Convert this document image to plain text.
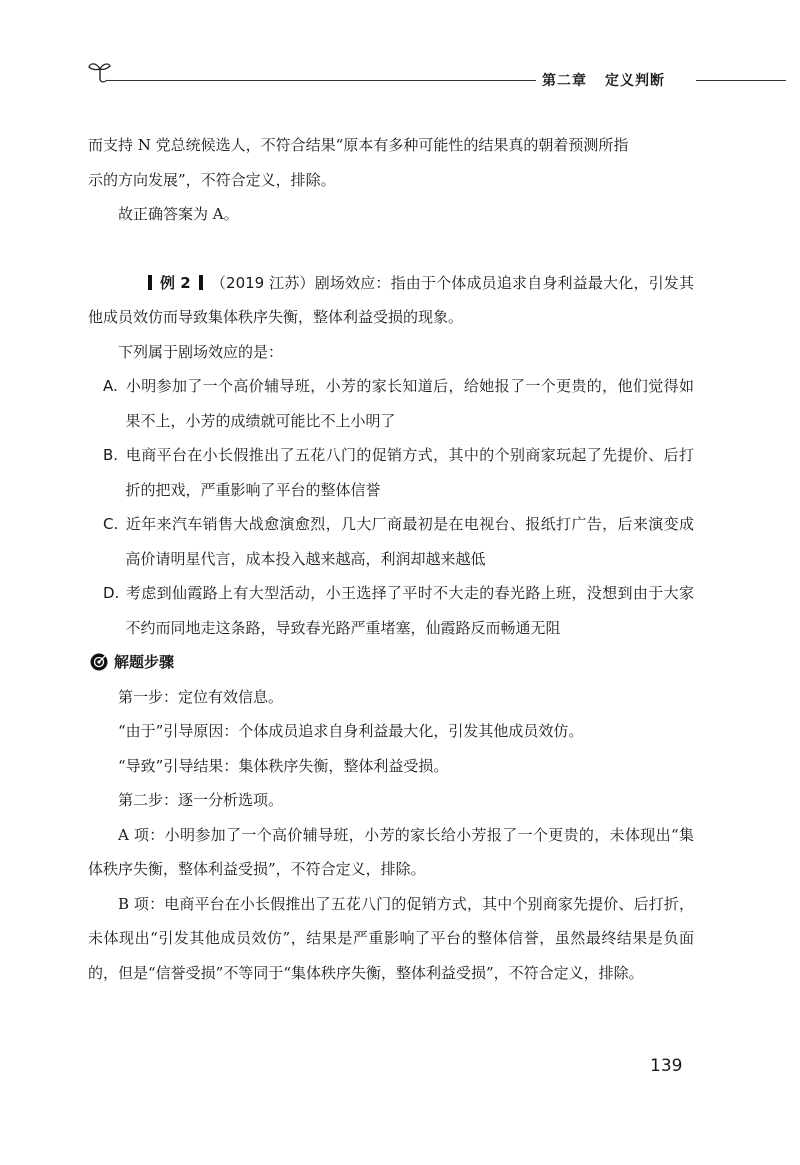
第二章 定义判断

而支持 N 党总统候选人，不符合结果“原本有多种可能性的结果真的朝着预测所指

示的方向发展”，不符合定义，排除。

故正确答案为 A。

例 2 （2019 江苏）剧场效应：指由于个体成员追求自身利益最大化，引发其他成员效仿而导致集体秩序失衡，整体利益受损的现象。

下列属于剧场效应的是：

A. 小明参加了一个高价辅导班，小芳的家长知道后，给她报了一个更贵的，他们觉得如果不上，小芳的成绩就可能比不上小明了

B. 电商平台在小长假推出了五花八门的促销方式，其中的个别商家玩起了先提价、后打折的把戏，严重影响了平台的整体信誉

C. 近年来汽车销售大战愈演愈烈，几大厂商最初是在电视台、报纸打广告，后来演变成高价请明星代言，成本投入越来越高，利润却越来越低

D. 考虑到仙霞路上有大型活动，小王选择了平时不大走的春光路上班，没想到由于大家不约而同地走这条路，导致春光路严重堵塞，仙霞路反而畅通无阻

解题步骤

第一步：定位有效信息。

“由于”引导原因：个体成员追求自身利益最大化，引发其他成员效仿。

“导致”引导结果：集体秩序失衡，整体利益受损。

第二步：逐一分析选项。

A 项：小明参加了一个高价辅导班，小芳的家长给小芳报了一个更贵的，未体现出“集体秩序失衡，整体利益受损”，不符合定义，排除。

B 项：电商平台在小长假推出了五花八门的促销方式，其中个别商家先提价、后打折，未体现出“引发其他成员效仿”，结果是严重影响了平台的整体信誉，虽然最终结果是负面的，但是“信誉受损”不等同于“集体秩序失衡，整体利益受损”，不符合定义，排除。

139
